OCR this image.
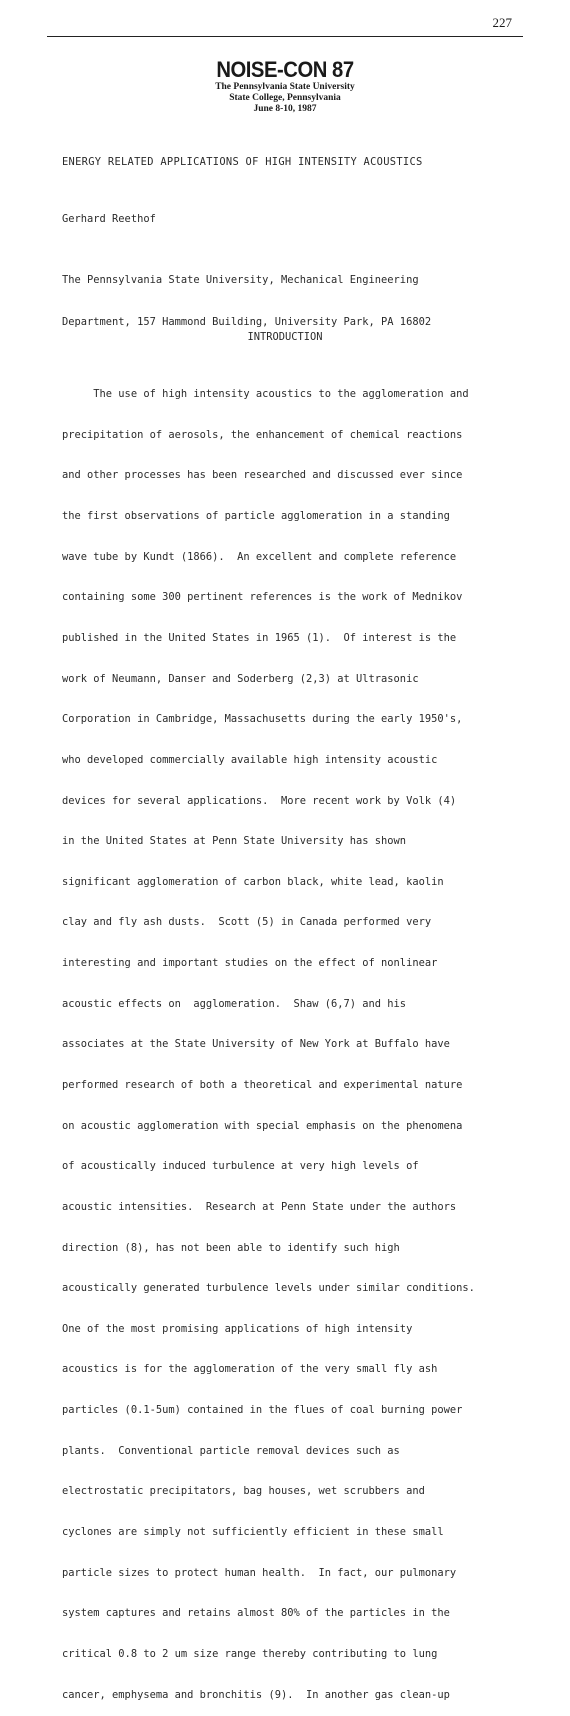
227
NOISE-CON 87
The Pennsylvania State University
State College, Pennsylvania
June 8-10, 1987
ENERGY RELATED APPLICATIONS OF HIGH INTENSITY ACOUSTICS
Gerhard Reethof

The Pennsylvania State University, Mechanical Engineering

Department, 157 Hammond Building, University Park, PA 16802

INTRODUCTION

The use of high intensity acoustics to the agglomeration and

precipitation of aerosols, the enhancement of chemical reactions

and other processes has been researched and discussed ever since

the first observations of particle agglomeration in a standing

wave tube by Kundt (1866).  An excellent and complete reference

containing some 300 pertinent references is the work of Mednikov

published in the United States in 1965 (1).  Of interest is the

work of Neumann, Danser and Soderberg (2,3) at Ultrasonic

Corporation in Cambridge, Massachusetts during the early 1950's,

who developed commercially available high intensity acoustic

devices for several applications.  More recent work by Volk (4)

in the United States at Penn State University has shown

significant agglomeration of carbon black, white lead, kaolin

clay and fly ash dusts.  Scott (5) in Canada performed very

interesting and important studies on the effect of nonlinear

acoustic effects on  agglomeration.  Shaw (6,7) and his

associates at the State University of New York at Buffalo have

performed research of both a theoretical and experimental nature

on acoustic agglomeration with special emphasis on the phenomena

of acoustically induced turbulence at very high levels of

acoustic intensities.  Research at Penn State under the authors

direction (8), has not been able to identify such high

acoustically generated turbulence levels under similar conditions.

One of the most promising applications of high intensity

acoustics is for the agglomeration of the very small fly ash

particles (0.1-5um) contained in the flues of coal burning power

plants.  Conventional particle removal devices such as

electrostatic precipitators, bag houses, wet scrubbers and

cyclones are simply not sufficiently efficient in these small

particle sizes to protect human health.  In fact, our pulmonary

system captures and retains almost 80% of the particles in the

critical 0.8 to 2 um size range thereby contributing to lung

cancer, emphysema and bronchitis (9).  In another gas clean-up
